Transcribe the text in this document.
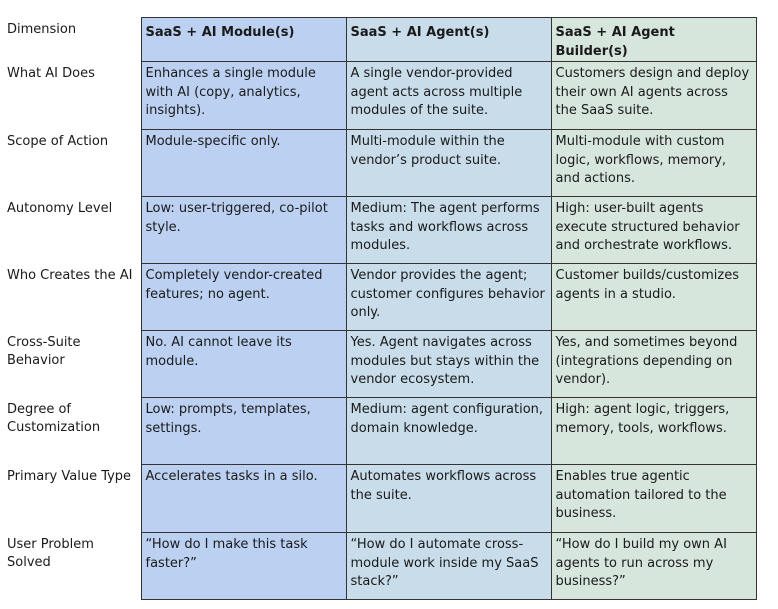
Dimension	SaaS + AI Module(s)	SaaS + AI Agent(s)	SaaS + AI Agent Builder(s)
What AI Does	Enhances a single module with AI (copy, analytics, insights).	A single vendor-provided agent acts across multiple modules of the suite.	Customers design and deploy their own AI agents across the SaaS suite.
Scope of Action	Module-specific only.	Multi-module within the vendor’s product suite.	Multi-module with custom logic, workflows, memory, and actions.
Autonomy Level	Low: user-triggered, co-pilot style.	Medium: The agent performs tasks and workflows across modules.	High: user-built agents execute structured behavior and orchestrate workflows.
Who Creates the AI	Completely vendor-created features; no agent.	Vendor provides the agent; customer configures behavior only.	Customer builds/customizes agents in a studio.
Cross-Suite Behavior	No. AI cannot leave its module.	Yes. Agent navigates across modules but stays within the vendor ecosystem.	Yes, and sometimes beyond (integrations depending on vendor).
Degree of Customization	Low: prompts, templates, settings.	Medium: agent configuration, domain knowledge.	High: agent logic, triggers, memory, tools, workflows.
Primary Value Type	Accelerates tasks in a silo.	Automates workflows across the suite.	Enables true agentic automation tailored to the business.
User Problem Solved	“How do I make this task faster?”	“How do I automate cross-module work inside my SaaS stack?”	“How do I build my own AI agents to run across my business?”
